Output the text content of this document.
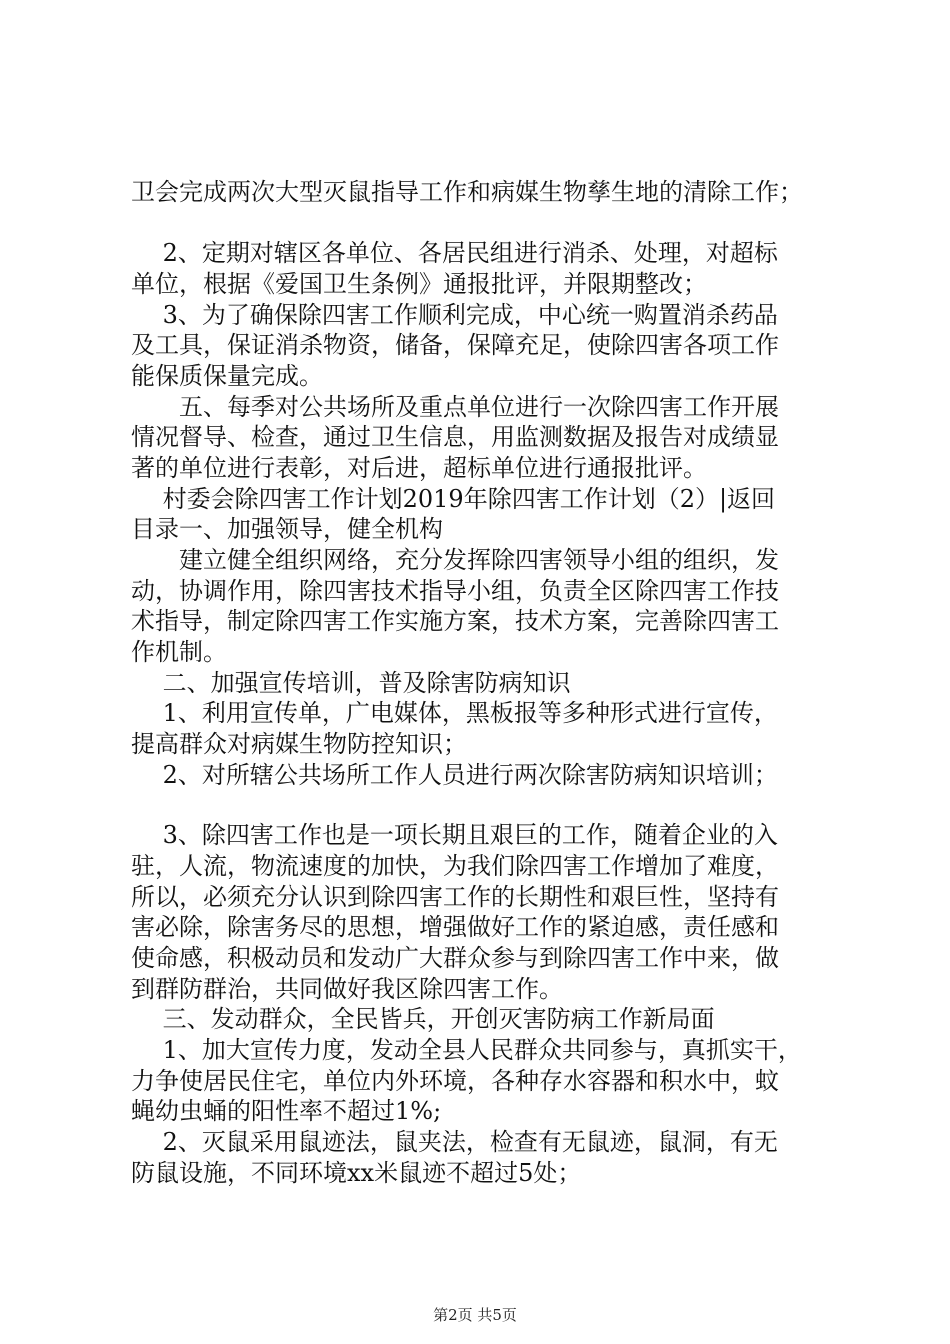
卫会完成两次大型灭鼠指导工作和病媒生物孳生地的清除工作；
　 2、定期对辖区各单位、各居民组进行消杀、处理，对超标
单位，根据《爱国卫生条例》通报批评，并限期整改；
　 3、为了确保除四害工作顺利完成，中心统一购置消杀药品
及工具，保证消杀物资，储备，保障充足，使除四害各项工作
能保质保量完成。
　　五、每季对公共场所及重点单位进行一次除四害工作开展
情况督导、检查，通过卫生信息，用监测数据及报告对成绩显
著的单位进行表彰，对后进，超标单位进行通报批评。
　 村委会除四害工作计划2019年除四害工作计划（2）|返回
目录一、加强领导，健全机构
　　建立健全组织网络，充分发挥除四害领导小组的组织，发
动，协调作用，除四害技术指导小组，负责全区除四害工作技
术指导，制定除四害工作实施方案，技术方案，完善除四害工
作机制。
　 二、加强宣传培训，普及除害防病知识
　 1、利用宣传单，广电媒体，黑板报等多种形式进行宣传，
提高群众对病媒生物防控知识；
　 2、对所辖公共场所工作人员进行两次除害防病知识培训；
　 3、除四害工作也是一项长期且艰巨的工作，随着企业的入
驻，人流，物流速度的加快，为我们除四害工作增加了难度，
所以，必须充分认识到除四害工作的长期性和艰巨性，坚持有
害必除，除害务尽的思想，增强做好工作的紧迫感，责任感和
使命感，积极动员和发动广大群众参与到除四害工作中来，做
到群防群治，共同做好我区除四害工作。
　 三、发动群众，全民皆兵，开创灭害防病工作新局面
　 1、加大宣传力度，发动全县人民群众共同参与，真抓实干，
力争使居民住宅，单位内外环境，各种存水容器和积水中，蚊
蝇幼虫蛹的阳性率不超过1%;
　 2、灭鼠采用鼠迹法，鼠夹法，检查有无鼠迹，鼠洞，有无
防鼠设施，不同环境xx米鼠迹不超过5处；
第2页 共5页
